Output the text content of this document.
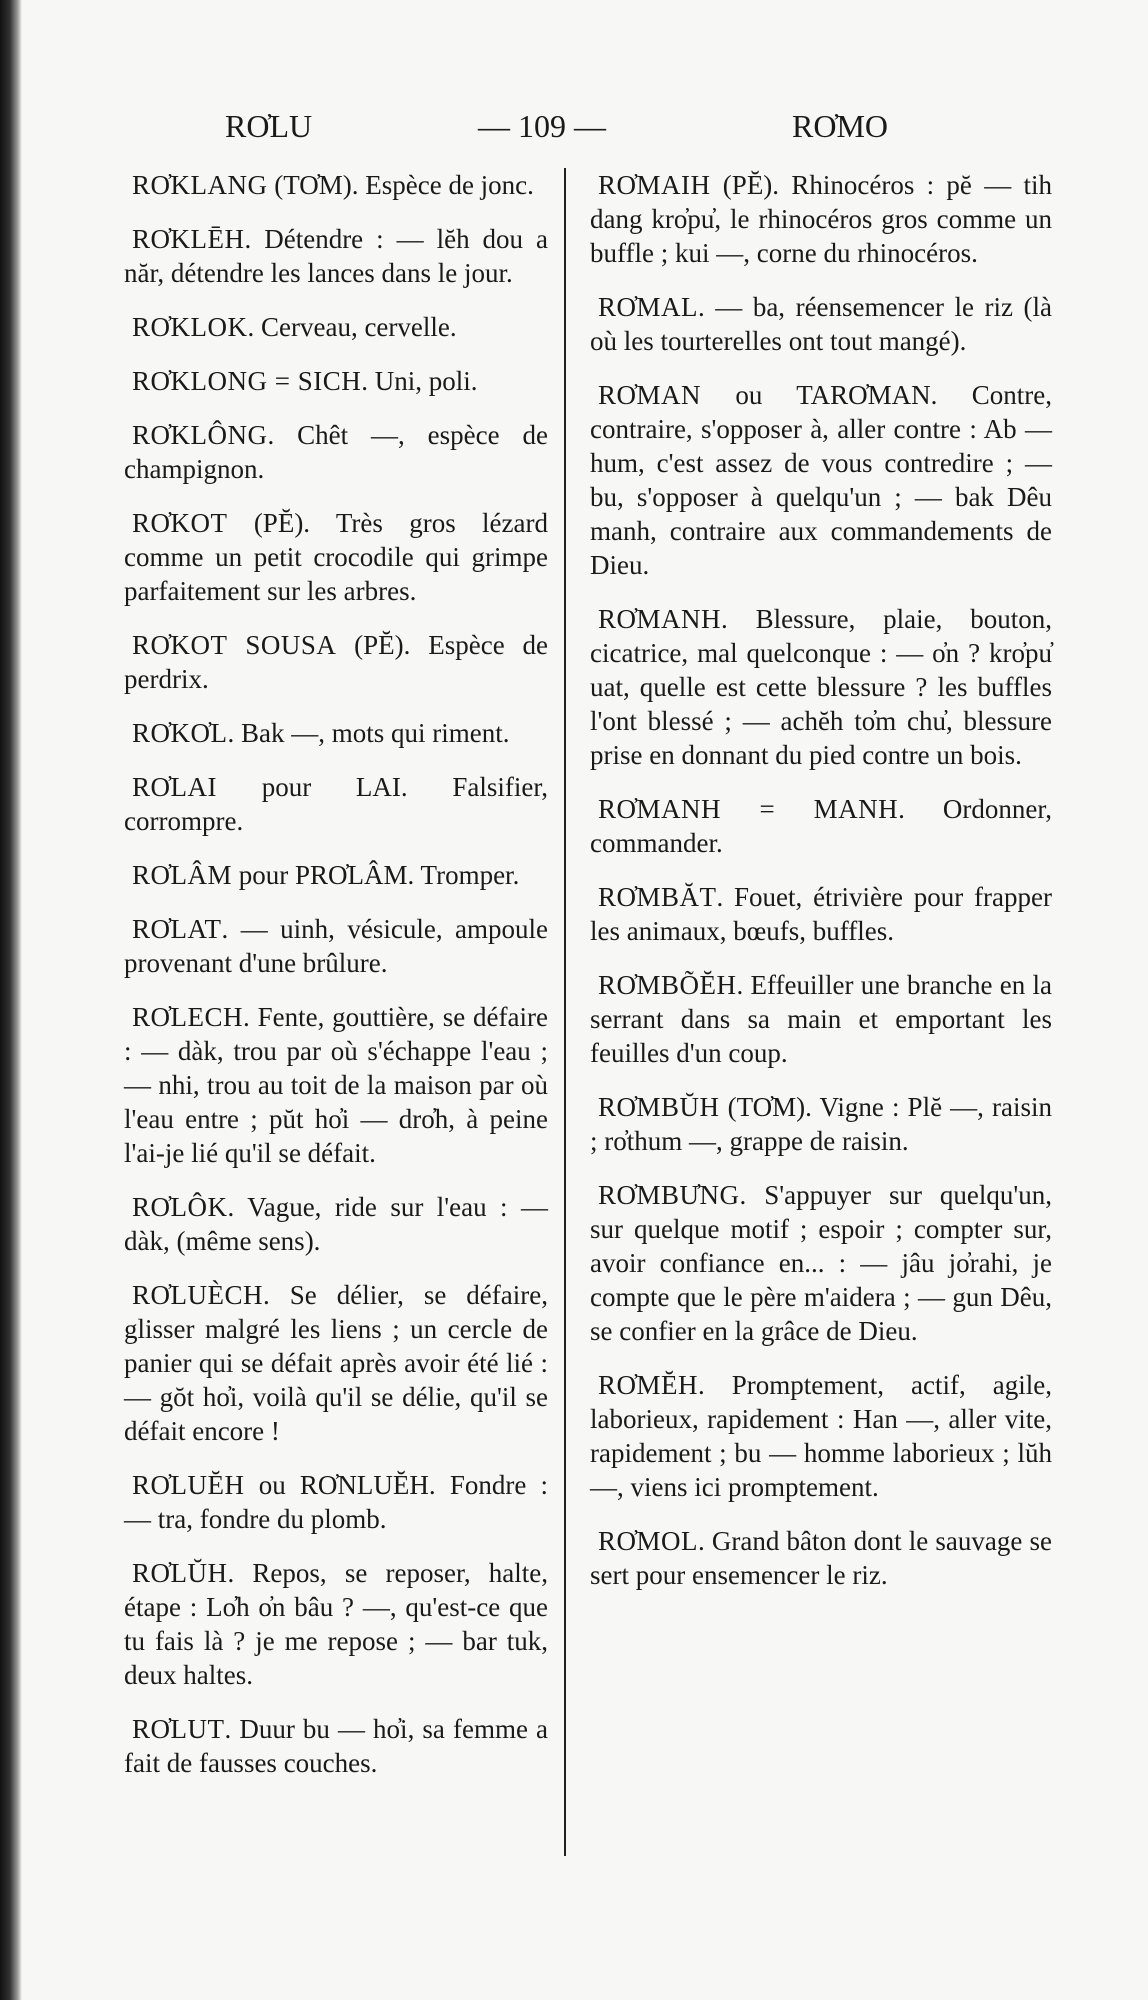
RO̓LU	— 109 —	RO̓MO

RO̓KLANG (TO̓M). Espèce de jonc.

RO̓KLĒH. Détendre : — lĕh dou a năr, détendre les lances dans le jour.

RO̓KLOK. Cerveau, cervelle.

RO̓KLONG = SICH. Uni, poli.

RO̓KLÔNG. Chêt —, espèce de champignon.

RO̓KOT (PĔ). Très gros lézard comme un petit crocodile qui grimpe parfaitement sur les arbres.

RO̓KOT SOUSA (PĔ). Espèce de perdrix.

RO̓KO̓L. Bak —, mots qui riment.

RO̓LAI pour LAI. Falsifier, corrompre.

RO̓LÂM pour PRO̓LÂM. Tromper.

RO̓LAT. — uinh, vésicule, ampoule provenant d'une brûlure.

RO̓LECH. Fente, gouttière, se défaire : — dàk, trou par où s'échappe l'eau ; — nhi, trou au toit de la maison par où l'eau entre ; pŭt ho̓i — dro̓h, à peine l'ai-je lié qu'il se défait.

RO̓LÔK. Vague, ride sur l'eau : — dàk, (même sens).

RO̓LUÈCH. Se délier, se défaire, glisser malgré les liens ; un cercle de panier qui se défait après avoir été lié : — gŏt ho̓i, voilà qu'il se délie, qu'il se défait encore !

RO̓LUĔH ou RO̓NLUĔH. Fondre : — tra, fondre du plomb.

RO̓LŬH. Repos, se reposer, halte, étape : Lo̓h o̓n bâu ? —, qu'est-ce que tu fais là ? je me repose ; — bar tuk, deux haltes.

RO̓LUT. Duur bu — ho̓i, sa femme a fait de fausses couches.

RO̓MAIH (PĔ). Rhinocéros : pĕ — tih dang kro̓pu̓, le rhinocéros gros comme un buffle ; kui —, corne du rhinocéros.

RO̓MAL. — ba, réensemencer le riz (là où les tourterelles ont tout mangé).

RO̓MAN ou TARO̓MAN. Contre, contraire, s'opposer à, aller contre : Ab — hum, c'est assez de vous contredire ; — bu, s'opposer à quelqu'un ; — bak Dêu manh, contraire aux commandements de Dieu.

RO̓MANH. Blessure, plaie, bouton, cicatrice, mal quelconque : — o̓n ? kro̓pu̓ uat, quelle est cette blessure ? les buffles l'ont blessé ; — achĕh to̓m chu̓, blessure prise en donnant du pied contre un bois.

RO̓MANH = MANH. Ordonner, commander.

RO̓MBĂT. Fouet, étrivière pour frapper les animaux, bœufs, buffles.

RO̓MBÕĔH. Effeuiller une branche en la serrant dans sa main et emportant les feuilles d'un coup.

RO̓MBŬH (TO̓M). Vigne : Plĕ —, raisin ; ro̓thum —, grappe de raisin.

RO̓MBU̓NG. S'appuyer sur quelqu'un, sur quelque motif ; espoir ; compter sur, avoir confiance en... : — jâu jo̓rahi, je compte que le père m'aidera ; — gun Dêu, se confier en la grâce de Dieu.

RO̓MĔH. Promptement, actif, agile, laborieux, rapidement : Han —, aller vite, rapidement ; bu — homme laborieux ; lŭh —, viens ici promptement.

RO̓MOL. Grand bâton dont le sauvage se sert pour ensemencer le riz.
